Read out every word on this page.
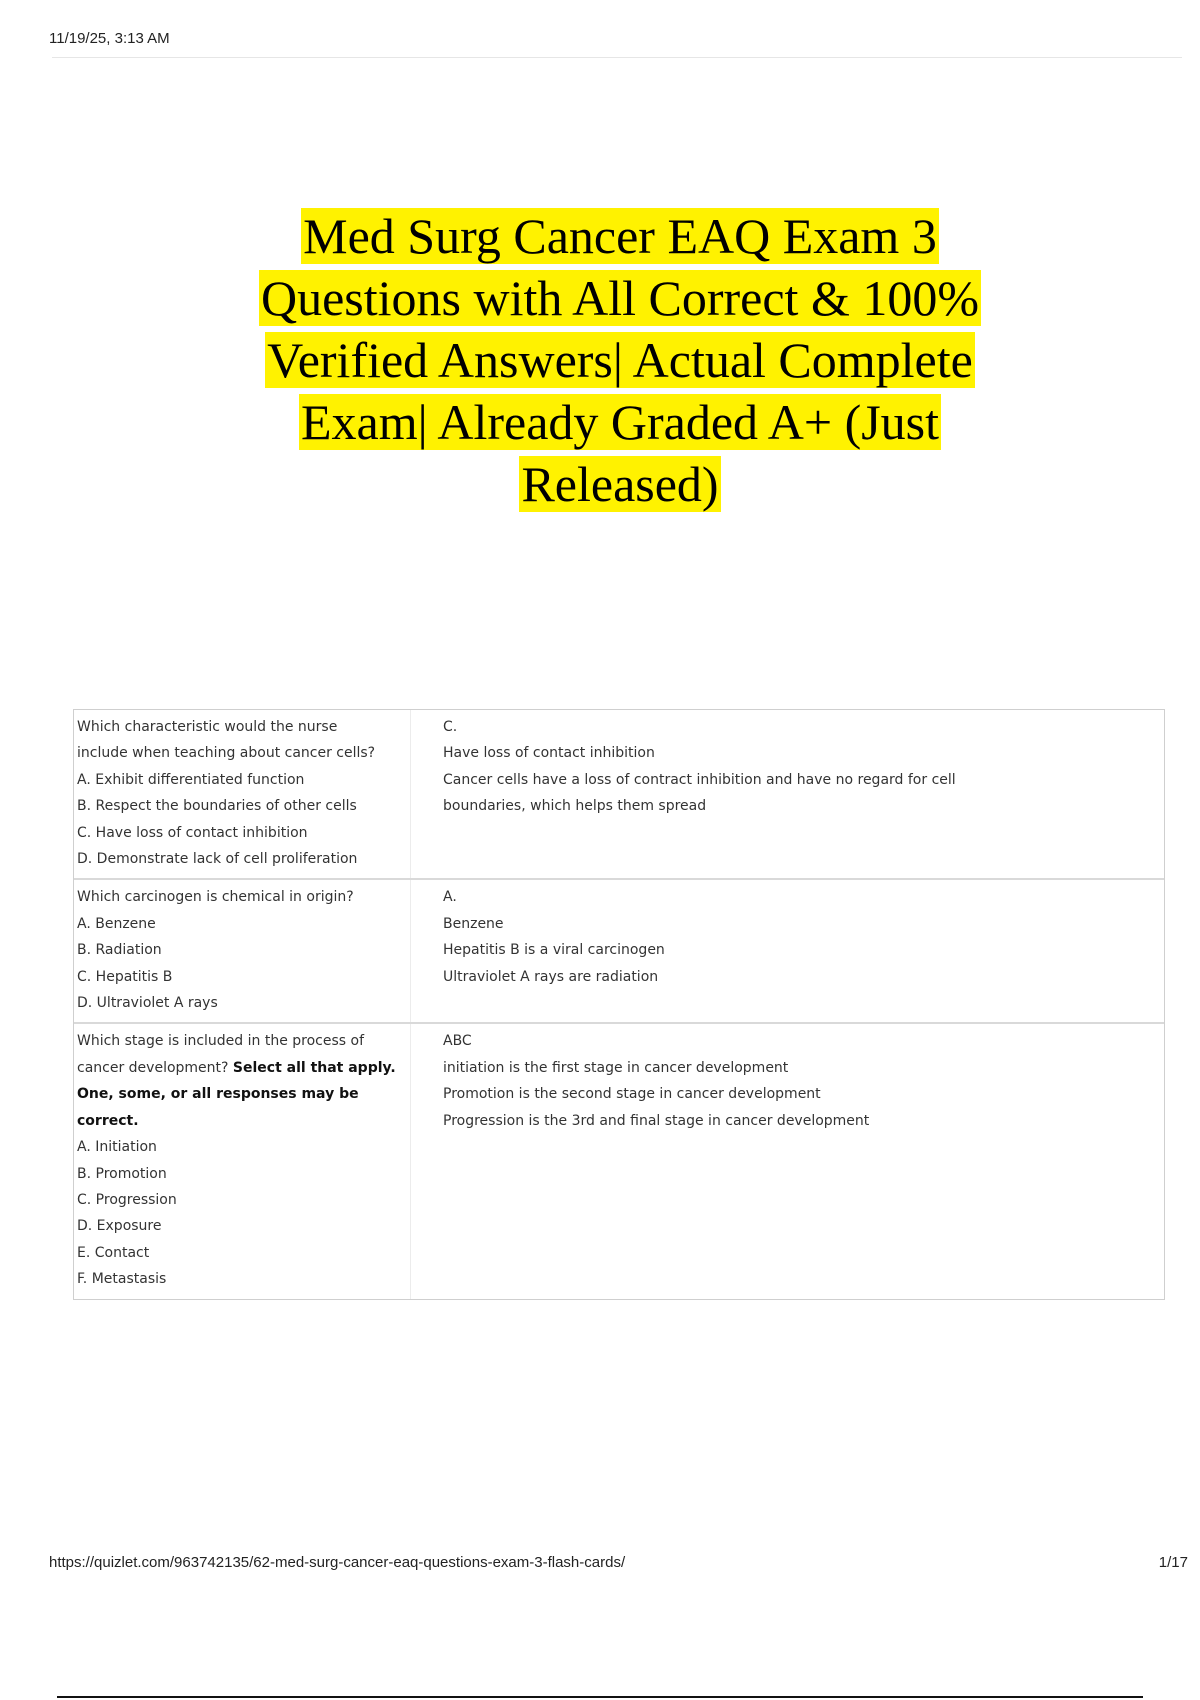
11/19/25, 3:13 AM
Med Surg Cancer EAQ Exam 3
Questions with All Correct & 100%
Verified Answers| Actual Complete
Exam| Already Graded A+ (Just
Released)
Which characteristic would the nurse
include when teaching about cancer cells?
A. Exhibit differentiated function
B. Respect the boundaries of other cells
C. Have loss of contact inhibition
D. Demonstrate lack of cell proliferation
C.
Have loss of contact inhibition
Cancer cells have a loss of contract inhibition and have no regard for cell
boundaries, which helps them spread
Which carcinogen is chemical in origin?
A. Benzene
B. Radiation
C. Hepatitis B
D. Ultraviolet A rays
A.
Benzene
Hepatitis B is a viral carcinogen
Ultraviolet A rays are radiation
Which stage is included in the process of
cancer development? Select all that apply.
One, some, or all responses may be
correct.
A. Initiation
B. Promotion
C. Progression
D. Exposure
E. Contact
F. Metastasis
ABC
initiation is the first stage in cancer development
Promotion is the second stage in cancer development
Progression is the 3rd and final stage in cancer development
https://quizlet.com/963742135/62-med-surg-cancer-eaq-questions-exam-3-flash-cards/	1/17
